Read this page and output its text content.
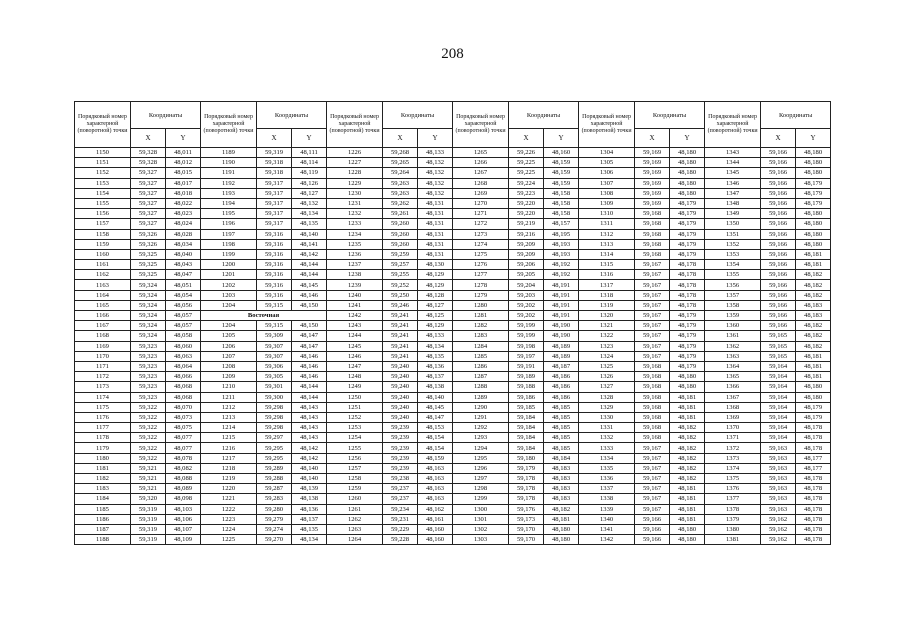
208
Порядковый номер характерной (поворотной) точки	Координаты		Порядковый номер характерной (поворотной) точки	Координаты		Порядковый номер характерной (поворотной) точки	Координаты		Порядковый номер характерной (поворотной) точки	Координаты		Порядковый номер характерной (поворотной) точки	Координаты		Порядковый номер характерной (поворотной) точки	Координаты	
	X	Y		X	Y		X	Y		X	Y		X	Y		X	Y
1150	59,328	48,011	1189	59,319	48,111	1226	59,268	48,133	1265	59,226	48,160	1304	59,169	48,180	1343	59,166	48,180
1151	59,328	48,012	1190	59,318	48,114	1227	59,265	48,132	1266	59,225	48,159	1305	59,169	48,180	1344	59,166	48,180
1152	59,327	48,015	1191	59,318	48,119	1228	59,264	48,132	1267	59,225	48,159	1306	59,169	48,180	1345	59,166	48,180
1153	59,327	48,017	1192	59,317	48,126	1229	59,263	48,132	1268	59,224	48,159	1307	59,169	48,180	1346	59,166	48,179
1154	59,327	48,018	1193	59,317	48,127	1230	59,263	48,132	1269	59,223	48,158	1308	59,169	48,180	1347	59,166	48,179
1155	59,327	48,022	1194	59,317	48,132	1231	59,262	48,131	1270	59,220	48,158	1309	59,169	48,179	1348	59,166	48,179
1156	59,327	48,023	1195	59,317	48,134	1232	59,261	48,131	1271	59,220	48,158	1310	59,168	48,179	1349	59,166	48,180
1157	59,327	48,024	1196	59,317	48,135	1233	59,260	48,131	1272	59,219	48,157	1311	59,168	48,179	1350	59,166	48,180
1158	59,326	48,028	1197	59,316	48,140	1234	59,260	48,131	1273	59,216	48,195	1312	59,168	48,179	1351	59,166	48,180
1159	59,326	48,034	1198	59,316	48,141	1235	59,260	48,131	1274	59,209	48,193	1313	59,168	48,179	1352	59,166	48,180
1160	59,325	48,040	1199	59,316	48,142	1236	59,259	48,131	1275	59,209	48,193	1314	59,168	48,179	1353	59,166	48,181
1161	59,325	48,043	1200	59,316	48,144	1237	59,257	48,130	1276	59,206	48,192	1315	59,167	48,178	1354	59,166	48,181
1162	59,325	48,047	1201	59,316	48,144	1238	59,255	48,129	1277	59,205	48,192	1316	59,167	48,178	1355	59,166	48,182
1163	59,324	48,051	1202	59,316	48,145	1239	59,252	48,129	1278	59,204	48,191	1317	59,167	48,178	1356	59,166	48,182
1164	59,324	48,054	1203	59,316	48,146	1240	59,250	48,128	1279	59,203	48,191	1318	59,167	48,178	1357	59,166	48,182
1165	59,324	48,056	1204	59,315	48,150	1241	59,246	48,127	1280	59,202	48,191	1319	59,167	48,178	1358	59,166	48,183
1166	59,324	48,057	Восточная			1242	59,241	48,125	1281	59,202	48,191	1320	59,167	48,179	1359	59,166	48,183
1167	59,324	48,057	1204	59,315	48,150	1243	59,241	48,129	1282	59,199	48,190	1321	59,167	48,179	1360	59,166	48,182
1168	59,324	48,058	1205	59,309	48,147	1244	59,241	48,133	1283	59,199	48,190	1322	59,167	48,179	1361	59,165	48,182
1169	59,323	48,060	1206	59,307	48,147	1245	59,241	48,134	1284	59,198	48,189	1323	59,167	48,179	1362	59,165	48,182
1170	59,323	48,063	1207	59,307	48,146	1246	59,241	48,135	1285	59,197	48,189	1324	59,167	48,179	1363	59,165	48,181
1171	59,323	48,064	1208	59,306	48,146	1247	59,240	48,136	1286	59,191	48,187	1325	59,168	48,179	1364	59,164	48,181
1172	59,323	48,066	1209	59,305	48,146	1248	59,240	48,137	1287	59,189	48,186	1326	59,168	48,180	1365	59,164	48,181
1173	59,323	48,068	1210	59,301	48,144	1249	59,240	48,138	1288	59,188	48,186	1327	59,168	48,180	1366	59,164	48,180
1174	59,323	48,068	1211	59,300	48,144	1250	59,240	48,140	1289	59,186	48,186	1328	59,168	48,181	1367	59,164	48,180
1175	59,322	48,070	1212	59,298	48,143	1251	59,240	48,145	1290	59,185	48,185	1329	59,168	48,181	1368	59,164	48,179
1176	59,322	48,073	1213	59,298	48,143	1252	59,240	48,147	1291	59,184	48,185	1330	59,168	48,181	1369	59,164	48,179
1177	59,322	48,075	1214	59,298	48,143	1253	59,239	48,153	1292	59,184	48,185	1331	59,168	48,182	1370	59,164	48,178
1178	59,322	48,077	1215	59,297	48,143	1254	59,239	48,154	1293	59,184	48,185	1332	59,168	48,182	1371	59,164	48,178
1179	59,322	48,077	1216	59,295	48,142	1255	59,239	48,154	1294	59,184	48,185	1333	59,167	48,182	1372	59,163	48,178
1180	59,322	48,078	1217	59,295	48,142	1256	59,239	48,159	1295	59,180	48,184	1334	59,167	48,182	1373	59,163	48,177
1181	59,321	48,082	1218	59,289	48,140	1257	59,239	48,163	1296	59,179	48,183	1335	59,167	48,182	1374	59,163	48,177
1182	59,321	48,088	1219	59,288	48,140	1258	59,238	48,163	1297	59,178	48,183	1336	59,167	48,182	1375	59,163	48,178
1183	59,321	48,089	1220	59,287	48,139	1259	59,237	48,163	1298	59,178	48,183	1337	59,167	48,181	1376	59,163	48,178
1184	59,320	48,098	1221	59,283	48,138	1260	59,237	48,163	1299	59,178	48,183	1338	59,167	48,181	1377	59,163	48,178
1185	59,319	48,103	1222	59,280	48,136	1261	59,234	48,162	1300	59,176	48,182	1339	59,167	48,181	1378	59,163	48,178
1186	59,319	48,106	1223	59,279	48,137	1262	59,231	48,161	1301	59,173	48,181	1340	59,166	48,181	1379	59,162	48,178
1187	59,319	48,107	1224	59,274	48,135	1263	59,229	48,160	1302	59,170	48,180	1341	59,166	48,180	1380	59,162	48,178
1188	59,319	48,109	1225	59,270	48,134	1264	59,228	48,160	1303	59,170	48,180	1342	59,166	48,180	1381	59,162	48,178
